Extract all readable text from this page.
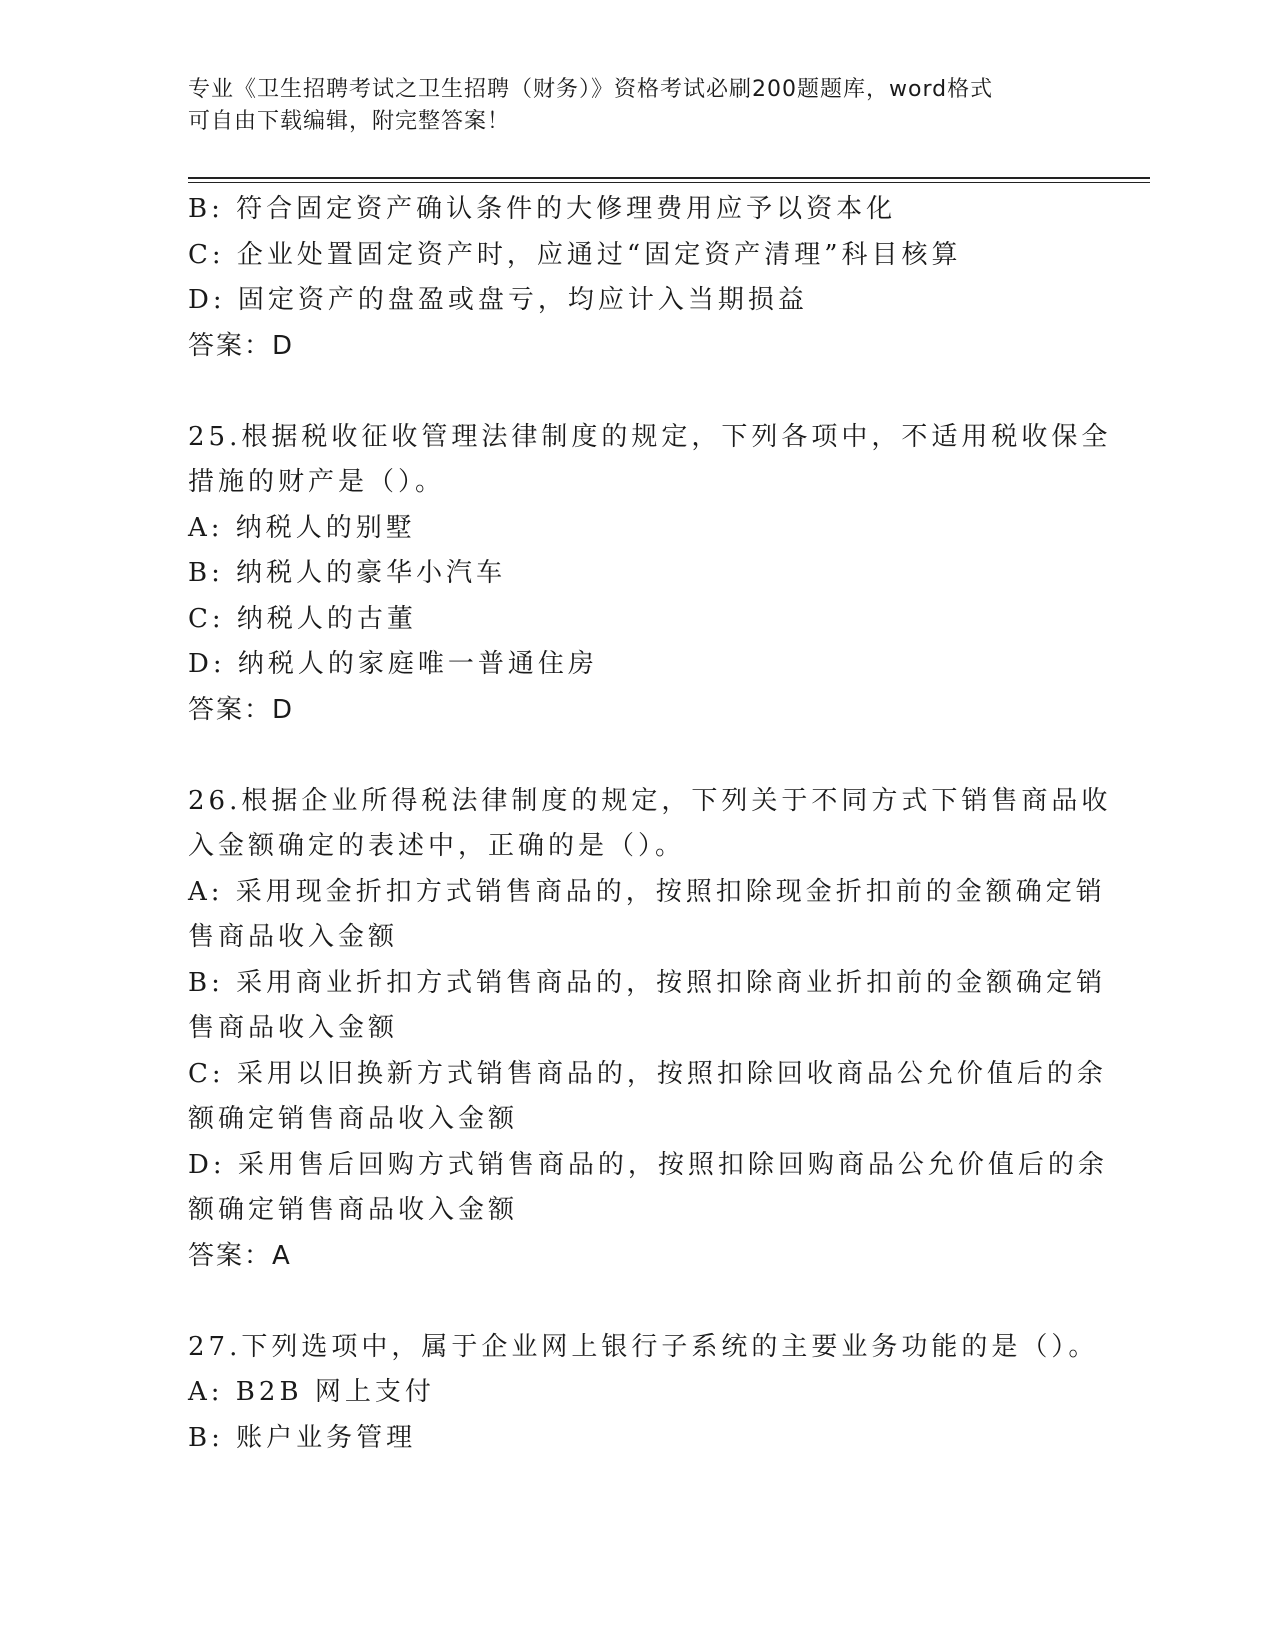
专业《卫生招聘考试之卫生招聘（财务）》资格考试必刷200题题库，word格式
可自由下载编辑，附完整答案！
B: 符合固定资产确认条件的大修理费用应予以资本化
C: 企业处置固定资产时，应通过“固定资产清理”科目核算
D: 固定资产的盘盈或盘亏，均应计入当期损益
答案：D
25.根据税收征收管理法律制度的规定，下列各项中，不适用税收保全
措施的财产是（）。
A: 纳税人的别墅
B: 纳税人的豪华小汽车
C: 纳税人的古董
D: 纳税人的家庭唯一普通住房
答案：D
26.根据企业所得税法律制度的规定，下列关于不同方式下销售商品收
入金额确定的表述中，正确的是（）。
A: 采用现金折扣方式销售商品的，按照扣除现金折扣前的金额确定销
售商品收入金额
B: 采用商业折扣方式销售商品的，按照扣除商业折扣前的金额确定销
售商品收入金额
C: 采用以旧换新方式销售商品的，按照扣除回收商品公允价值后的余
额确定销售商品收入金额
D: 采用售后回购方式销售商品的，按照扣除回购商品公允价值后的余
额确定销售商品收入金额
答案：A
27.下列选项中，属于企业网上银行子系统的主要业务功能的是（）。
A: B2B 网上支付
B: 账户业务管理
